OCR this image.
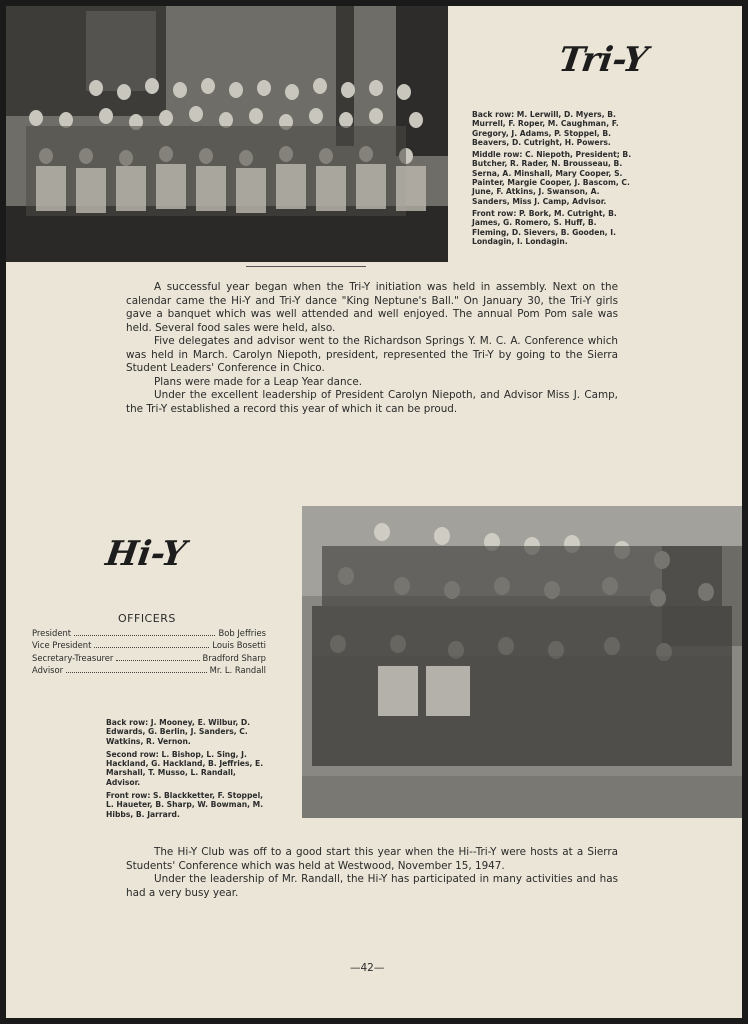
Tri-Y

Back row: M. Lerwill, D. Myers, B. Murrell, F. Roper, M. Caughman, F. Gregory, J. Adams, P. Stoppel, B. Beavers, D. Cutright, H. Powers.

Middle row: C. Niepoth, President; B. Butcher, R. Rader, N. Brousseau, B. Serna, A. Minshall, Mary Cooper, S. Painter, Margie Cooper, J. Bascom, C. June, F. Atkins, J. Swanson, A. Sanders, Miss J. Camp, Advisor.

Front row: P. Bork, M. Cutright, B. James, G. Romero, S. Huff, B. Fleming, D. Sievers, B. Gooden, I. Londagin, I. Londagin.

A successful year began when the Tri-Y initiation was held in assembly. Next on the calendar came the Hi-Y and Tri-Y dance "King Neptune's Ball." On January 30, the Tri-Y girls gave a banquet which was well attended and well enjoyed. The annual Pom Pom sale was held. Several food sales were held, also.

Five delegates and advisor went to the Richardson Springs Y. M. C. A. Conference which was held in March. Carolyn Niepoth, president, represented the Tri-Y by going to the Sierra Student Leaders' Conference in Chico.

Plans were made for a Leap Year dance.

Under the excellent leadership of President Carolyn Niepoth, and Advisor Miss J. Camp, the Tri-Y established a record this year of which it can be proud.

Hi-Y
OFFICERS
President	Bob Jeffries
Vice President	Louis Bosetti
Secretary-Treasurer	Bradford Sharp
Advisor	Mr. L. Randall

Back row: J. Mooney, E. Wilbur, D. Edwards, G. Berlin, J. Sanders, C. Watkins, R. Vernon.

Second row: L. Bishop, L. Sing, J. Hackland, G. Hackland, B. Jeffries, E. Marshall, T. Musso, L. Randall, Advisor.

Front row: S. Blackketter, F. Stoppel, L. Haueter, B. Sharp, W. Bowman, M. Hibbs, B. Jarrard.

The Hi-Y Club was off to a good start this year when the Hi--Tri-Y were hosts at a Sierra Students' Conference which was held at Westwood, November 15, 1947.

Under the leadership of Mr. Randall, the Hi-Y has participated in many activities and has had a very busy year.

—42—
